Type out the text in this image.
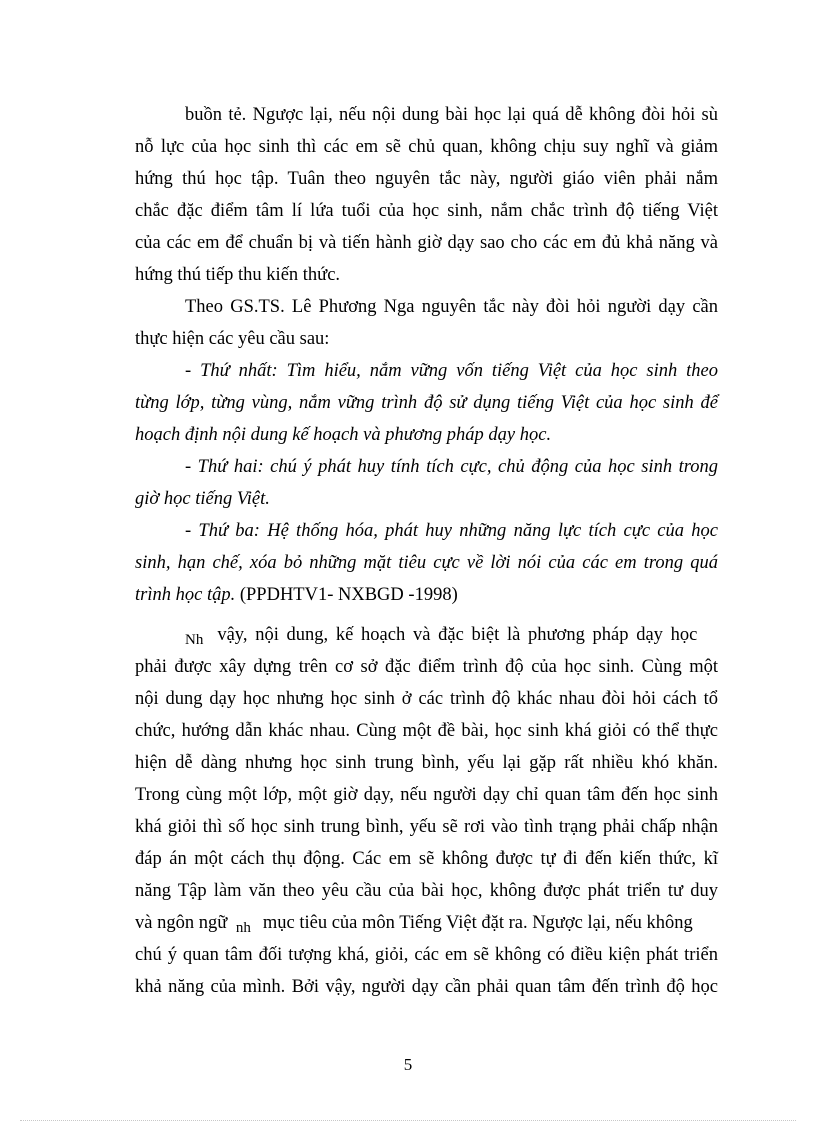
buồn tẻ. Ngược lại, nếu nội dung bài học lại quá dễ không đòi hỏi sù
nỗ lực của học sinh thì các em sẽ chủ quan, không chịu suy nghĩ và giảm
hứng thú học tập. Tuân theo nguyên tắc này, người giáo viên phải nắm
chắc đặc điểm tâm lí lứa tuổi của học sinh, nắm chắc trình độ tiếng Việt
của các em để chuẩn bị và tiến hành giờ dạy sao cho các em đủ khả năng và
hứng thú tiếp thu kiến thức.
Theo GS.TS. Lê Phương Nga nguyên tắc này đòi hỏi người dạy cần
thực hiện các yêu cầu sau:
- Thứ nhất: Tìm hiểu, nắm vững vốn tiếng Việt của học sinh theo
từng lớp, từng vùng, nắm vững trình độ sử dụng tiếng Việt của học sinh để
hoạch định nội dung kế hoạch và phương pháp dạy học.
- Thứ hai: chú ý phát huy tính tích cực, chủ động của học sinh trong
giờ học tiếng Việt.
- Thứ ba: Hệ thống hóa, phát huy những năng lực tích cực của học
sinh, hạn chế, xóa bỏ những mặt tiêu cực về lời nói của các em trong quá
trình học tập. (PPDHTV1- NXBGD -1998)
$_{Nh}$ vậy, nội dung, kế hoạch và đặc biệt là phương pháp dạy học
phải được xây dựng trên cơ sở đặc điểm trình độ của học sinh. Cùng một
nội dung dạy học nhưng học sinh ở các trình độ khác nhau đòi hỏi cách tổ
chức, hướng dẫn khác nhau. Cùng một đề bài, học sinh khá giỏi có thể thực
hiện dễ dàng nhưng học sinh trung bình, yếu lại gặp rất nhiều khó khăn.
Trong cùng một lớp, một giờ dạy, nếu người dạy chỉ quan tâm đến học sinh
khá giỏi thì số học sinh trung bình, yếu sẽ rơi vào tình trạng phải chấp nhận
đáp án một cách thụ động. Các em sẽ không được tự đi đến kiến thức, kĩ
năng Tập làm văn theo yêu cầu của bài học, không được phát triển tư duy
và ngôn ngữ $_{nh}$ mục tiêu của môn Tiếng Việt đặt ra. Ngược lại, nếu không
chú ý quan tâm đối tượng khá, giỏi, các em sẽ không có điều kiện phát triển
khả năng của mình. Bởi vậy, người dạy cần phải quan tâm đến trình độ học
5
